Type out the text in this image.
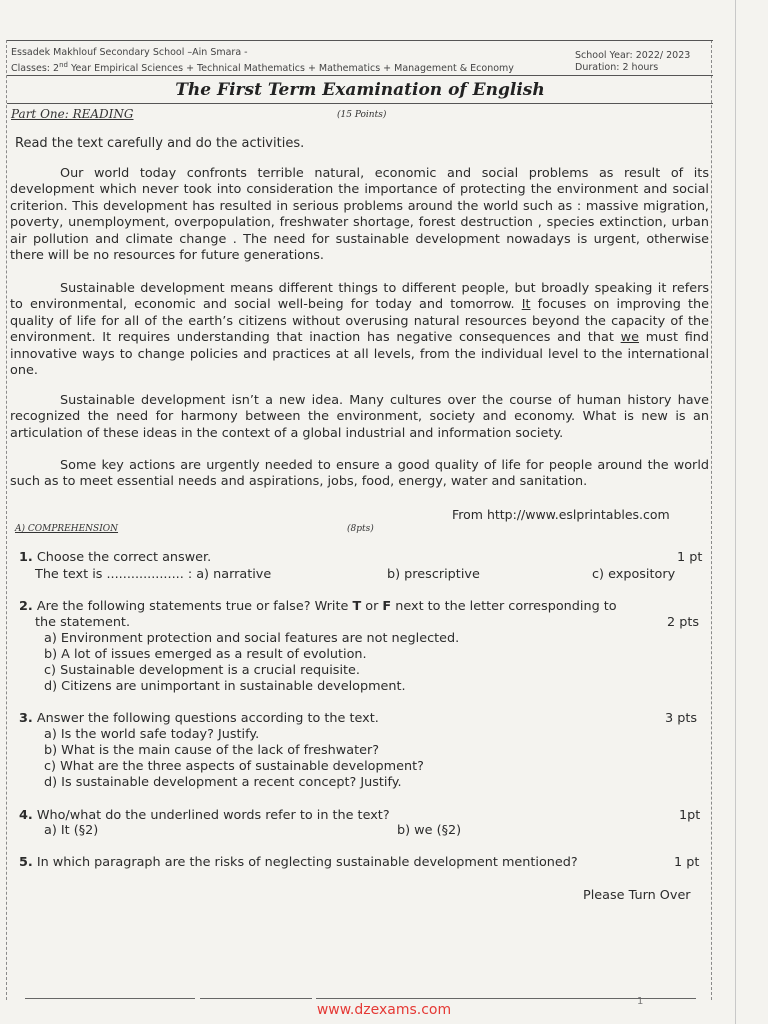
Essadek Makhlouf Secondary School –Ain Smara -
Classes: 2nd Year Empirical Sciences + Technical Mathematics + Mathematics + Management & Economy
School Year: 2022/ 2023
Duration: 2 hours
The First Term Examination of English
Part One: READING	(15 Points)
Read the text carefully and do the activities.
Our world today confronts terrible natural, economic and social problems as result of its development which never took into consideration the importance of protecting the environment and social criterion. This development has resulted in serious problems around the world such as : massive migration, poverty, unemployment, overpopulation, freshwater shortage, forest destruction , species extinction, urban air pollution and climate change . The need for sustainable development nowadays is urgent, otherwise there will be no resources for future generations.
Sustainable development means different things to different people, but broadly speaking it refers to environmental, economic and social well-being for today and tomorrow. It focuses on improving the quality of life for all of the earth’s citizens without overusing natural resources beyond the capacity of the environment. It requires understanding that inaction has negative consequences and that we must find innovative ways to change policies and practices at all levels, from the individual level to the international one.
Sustainable development isn’t a new idea. Many cultures over the course of human history have recognized the need for harmony between the environment, society and economy. What is new is an articulation of these ideas in the context of a global industrial and information society.
Some key actions are urgently needed to ensure a good quality of life for people around the world such as to meet essential needs and aspirations, jobs, food, energy, water and sanitation.
From http://www.eslprintables.com
A) COMPREHENSION	(8pts)
1. Choose the correct answer.	1 pt
The text is ................... : a) narrative	b) prescriptive	c) expository
2. Are the following statements true or false? Write T or F next to the letter corresponding to
the statement.	2 pts
a) Environment protection and social features are not neglected.
b) A lot of issues emerged as a result of evolution.
c) Sustainable development is a crucial requisite.
d) Citizens are unimportant in sustainable development.
3. Answer the following questions according to the text.	3 pts
a) Is the world safe today? Justify.
b) What is the main cause of the lack of freshwater?
c) What are the three aspects of sustainable development?
d) Is sustainable development a recent concept? Justify.
4. Who/what do the underlined words refer to in the text?	1pt
a) It (§2)	b) we (§2)
5. In which paragraph are the risks of neglecting sustainable development mentioned?	1 pt
Please Turn Over
1
www.dzexams.com
